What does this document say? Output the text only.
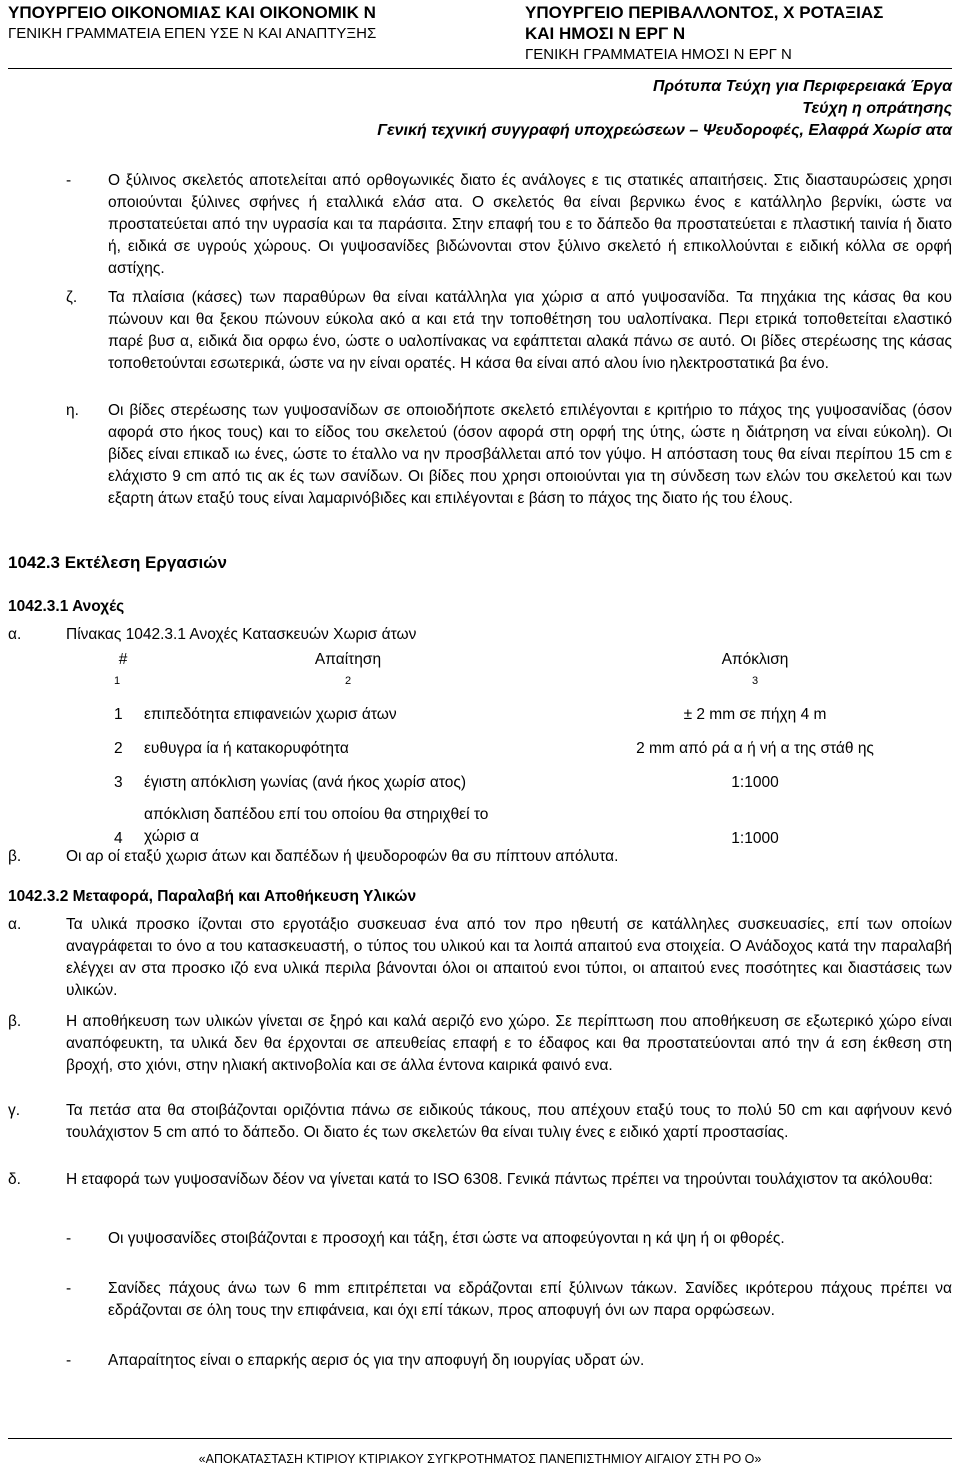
ΥΠΟΥΡΓΕΙΟ ΟΙΚΟΝΟΜΙΑΣ ΚΑΙ ΟΙΚΟΝΟΜΙΚ Ν
ΓΕΝΙΚΗ ΓΡΑΜΜΑΤΕΙΑ ΕΠΕΝ ΥΣΕ Ν ΚΑΙ ΑΝΑΠΤΥΞΗΣ
ΥΠΟΥΡΓΕΙΟ ΠΕΡΙΒΑΛΛΟΝΤΟΣ, Χ ΡΟΤΑΞΙΑΣ
ΚΑΙ ΗΜΟΣΙ Ν ΕΡΓ Ν
ΓΕΝΙΚΗ ΓΡΑΜΜΑΤΕΙΑ ΗΜΟΣΙ Ν ΕΡΓ Ν
Πρότυπα Τεύχη για Περιφερειακά Έργα
Τεύχη η οπράτησης
Γενική τεχνική συγγραφή υποχρεώσεων – Ψευδοροφές, Ελαφρά Χωρίσ ατα
- Ο ξύλινος σκελετός αποτελείται από ορθογωνικές διατο ές ανάλογες ε τις στατικές απαιτήσεις. Στις διασταυρώσεις χρησι οποιούνται ξύλινες σφήνες ή εταλλικά ελάσ ατα. Ο σκελετός θα είναι βερνικω ένος ε κατάλληλο βερνίκι, ώστε να προστατεύεται από την υγρασία και τα παράσιτα. Στην επαφή του ε το δάπεδο θα προστατεύεται ε πλαστική ταινία ή διατο ή, ειδικά σε υγρούς χώρους. Οι γυψοσανίδες βιδώνονται στον ξύλινο σκελετό ή επικολλούνται ε ειδική κόλλα σε ορφή αστίχης.
ζ. Τα πλαίσια (κάσες) των παραθύρων θα είναι κατάλληλα για χώρισ α από γυψοσανίδα. Τα πηχάκια της κάσας θα κου πώνουν και θα ξεκου πώνουν εύκολα ακό α και ετά την τοποθέτηση του υαλοπίνακα. Περι ετρικά τοποθετείται ελαστικό παρέ βυσ α, ειδικά δια ορφω ένο, ώστε ο υαλοπίνακας να εφάπτεται αλακά πάνω σε αυτό. Οι βίδες στερέωσης της κάσας τοποθετούνται εσωτερικά, ώστε να ην είναι ορατές. Η κάσα θα είναι από αλου ίνιο ηλεκτροστατικά βα ένο.
η. Οι βίδες στερέωσης των γυψοσανίδων σε οποιοδήποτε σκελετό επιλέγονται ε κριτήριο το πάχος της γυψοσανίδας (όσον αφορά στο ήκος τους) και το είδος του σκελετού (όσον αφορά στη ορφή της ύτης, ώστε η διάτρηση να είναι εύκολη). Οι βίδες είναι επικαδ ιω ένες, ώστε το έταλλο να ην προσβάλλεται από τον γύψο. Η απόσταση τους θα είναι περίπου 15 cm ε ελάχιστο 9 cm από τις ακ ές των σανίδων. Οι βίδες που χρησι οποιούνται για τη σύνδεση των ελών του σκελετού και των εξαρτη άτων εταξύ τους είναι λαμαρινόβιδες και επιλέγονται ε βάση το πάχος της διατο ής του έλους.
1042.3 Εκτέλεση Εργασιών
1042.3.1 Ανοχές
α.	Πίνακας 1042.3.1 Ανοχές Κατασκευών Χωρισ άτων
#	Απαίτηση	Απόκλιση
1	2	3

1	επιπεδότητα επιφανειών χωρισ άτων	± 2 mm σε πήχη 4 m

2	ευθυγρα ία ή κατακορυφότητα	2 mm από ρά α ή νή α της στάθ ης

3	έγιστη απόκλιση γωνίας (ανά ήκος χωρίσ ατος)	1:1000

4	απόκλιση δαπέδου επί του οποίου θα στηριχθεί το χώρισ α	1:1000
β.	Οι αρ οί εταξύ χωρισ άτων και δαπέδων ή ψευδοροφών θα συ πίπτουν απόλυτα.
1042.3.2 Μεταφορά, Παραλαβή και Αποθήκευση Υλικών
α.	Τα υλικά προσκο ίζονται στο εργοτάξιο συσκευασ ένα από τον προ ηθευτή σε κατάλληλες συσκευασίες, επί των οποίων αναγράφεται το όνο α του κατασκευαστή, ο τύπος του υλικού και τα λοιπά απαιτού ενα στοιχεία. Ο Ανάδοχος κατά την παραλαβή ελέγχει αν στα προσκο ιζό ενα υλικά περιλα βάνονται όλοι οι απαιτού ενοι τύποι, οι απαιτού ενες ποσότητες και διαστάσεις των υλικών.
β.	Η αποθήκευση των υλικών γίνεται σε ξηρό και καλά αεριζό ενο χώρο. Σε περίπτωση που αποθήκευση σε εξωτερικό χώρο είναι αναπόφευκτη, τα υλικά δεν θα έρχονται σε απευθείας επαφή ε το έδαφος και θα προστατεύονται από την ά εση έκθεση στη βροχή, στο χιόνι, στην ηλιακή ακτινοβολία και σε άλλα έντονα καιρικά φαινό ενα.
γ.	Τα πετάσ ατα θα στοιβάζονται οριζόντια πάνω σε ειδικούς τάκους, που απέχουν εταξύ τους το πολύ 50 cm και αφήνουν κενό τουλάχιστον 5 cm από το δάπεδο. Οι διατο ές των σκελετών θα είναι τυλιγ ένες ε ειδικό χαρτί προστασίας.
δ.	Η εταφορά των γυψοσανίδων δέον να γίνεται κατά το ISO 6308. Γενικά πάντως πρέπει να τηρούνται τουλάχιστον τα ακόλουθα:
- Οι γυψοσανίδες στοιβάζονται ε προσοχή και τάξη, έτσι ώστε να αποφεύγονται η κά ψη ή οι φθορές.
- Σανίδες πάχους άνω των 6 mm επιτρέπεται να εδράζονται επί ξύλινων τάκων. Σανίδες ικρότερου πάχους πρέπει να εδράζονται σε όλη τους την επιφάνεια, και όχι επί τάκων, προς αποφυγή όνι ων παρα ορφώσεων.
- Απαραίτητος είναι ο επαρκής αερισ ός για την αποφυγή δη ιουργίας υδρατ ών.
«ΑΠΟΚΑΤΑΣΤΑΣΗ ΚΤΙΡΙΟΥ ΚΤΙΡΙΑΚΟΥ ΣΥΓΚΡΟΤΗΜΑΤΟΣ ΠΑΝΕΠΙΣΤΗΜΙΟΥ ΑΙΓΑΙΟΥ ΣΤΗ ΡΟ Ο»
